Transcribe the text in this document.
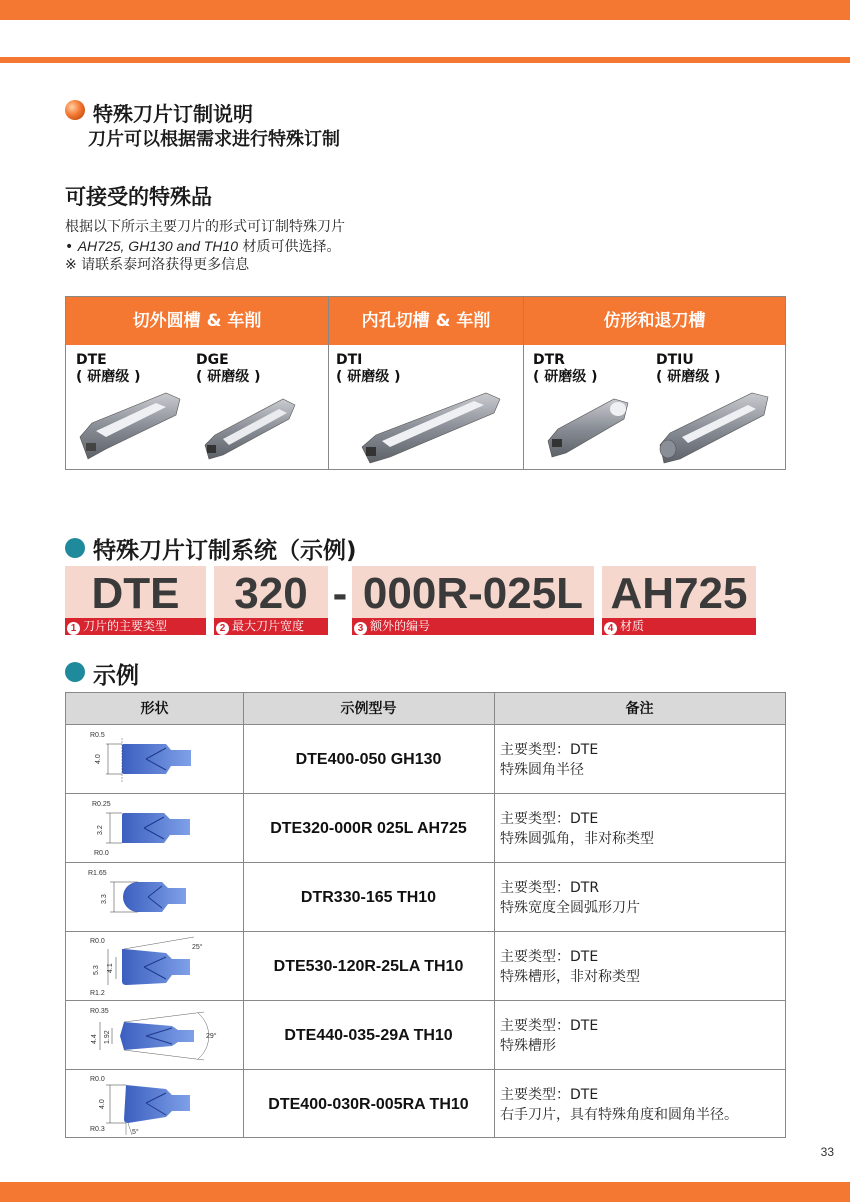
特殊刀片订制说明
刀片可以根据需求进行特殊订制
可接受的特殊品
根据以下所示主要刀片的形式可订制特殊刀片
• AH725, GH130 and TH10 材质可供选择。
※ 请联系泰珂洛获得更多信息
切外圆槽 & 车削	内孔切槽 & 车削	仿形和退刀槽
DTE
( 研磨级 )
DGE
( 研磨级 )
DTI
( 研磨级 )
DTR
( 研磨级 )
DTIU
( 研磨级 )
特殊刀片订制系统（示例)
DTE
1 刀片的主要类型
320
2 最大刀片宽度
- 000R-025L
3 额外的编号
AH725
4 材质
示例
形状	示例型号	备注
R0.5
4.0	DTE400-050 GH130
主要类型：DTE
特殊圆角半径
R0.25
3.2
R0.0
DTE320-000R 025L AH725
主要类型：DTE
特殊圆弧角，非对称类型
R1.65
3.3	DTR330-165 TH10
主要类型：DTR
特殊宽度全圆弧形刀片
R0.0
5.3 4.1
R1.2
25°
DTE530-120R-25LA TH10
主要类型：DTE
特殊槽形，非对称类型
R0.35
4.4 1.92	29°	DTE440-035-29A TH10
主要类型：DTE
特殊槽形
R0.0
4.0
R0.3	5°
DTE400-030R-005RA TH10
主要类型：DTE
右手刀片，具有特殊角度和圆角半径。
33
